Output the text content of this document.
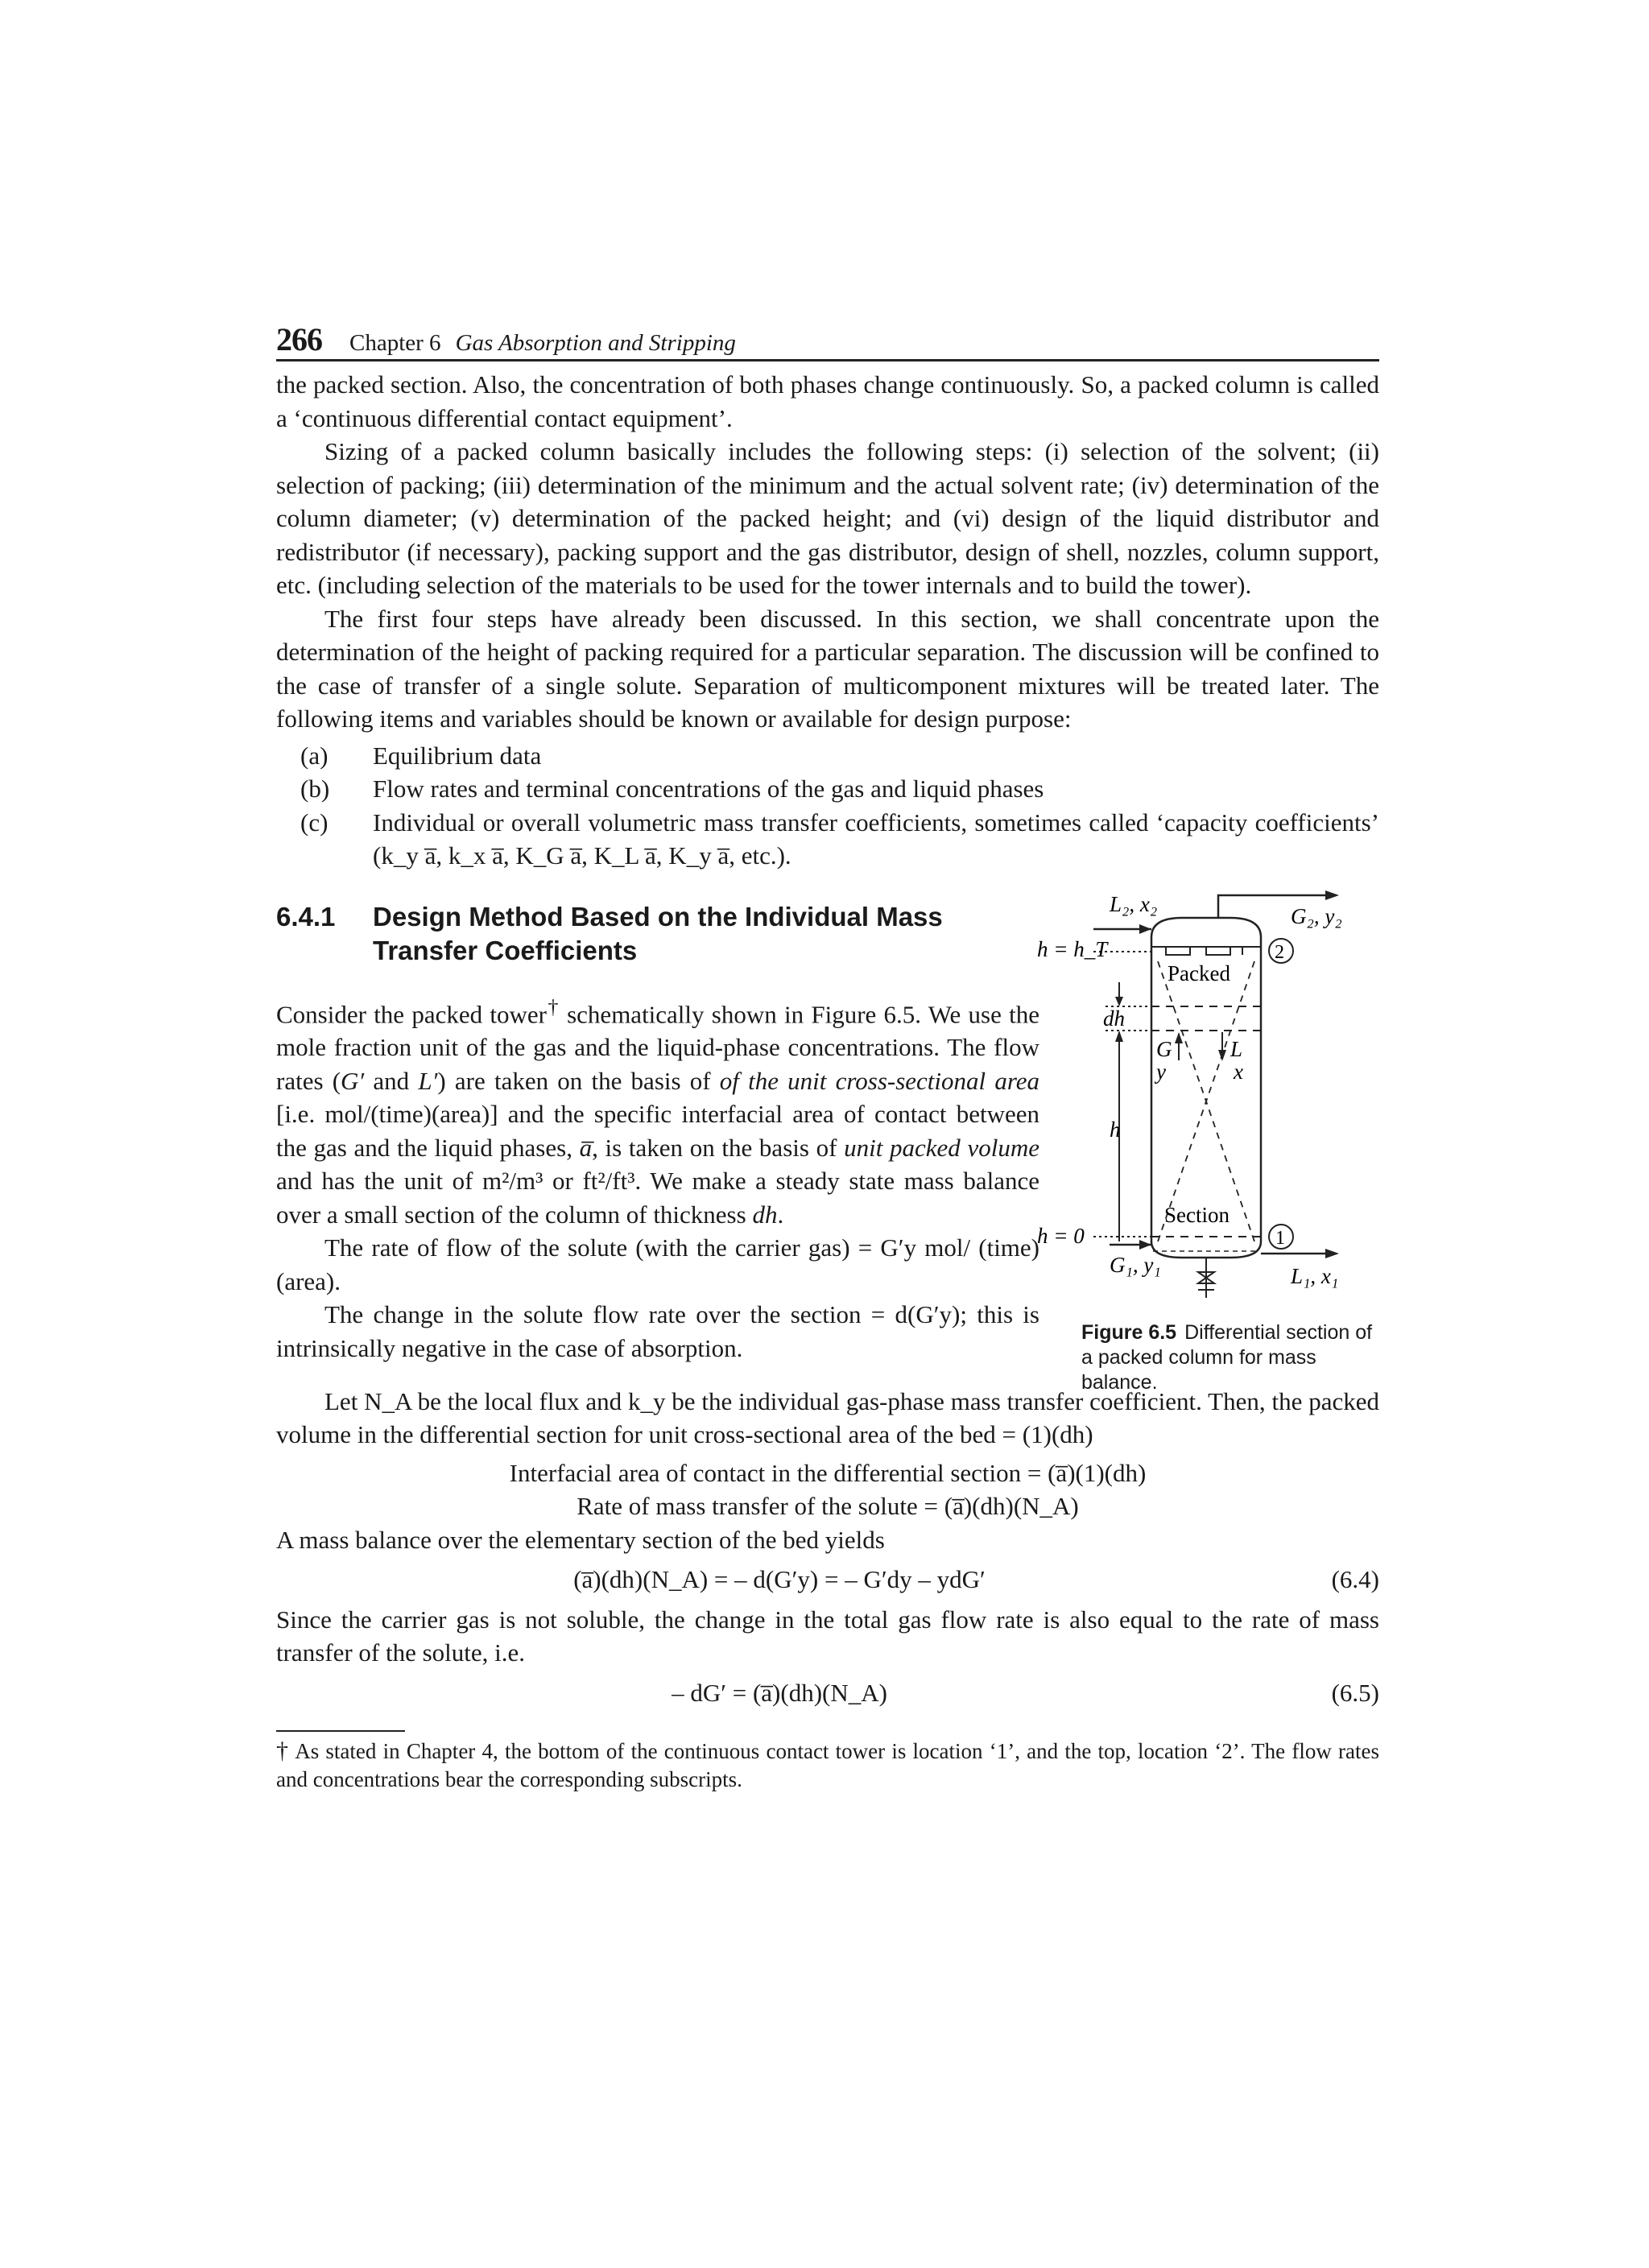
266 Chapter 6 Gas Absorption and Stripping

the packed section. Also, the concentration of both phases change continuously. So, a packed column is called a ‘continuous differential contact equipment’.

Sizing of a packed column basically includes the following steps: (i) selection of the solvent; (ii) selection of packing; (iii) determination of the minimum and the actual solvent rate; (iv) determination of the column diameter; (v) determination of the packed height; and (vi) design of the liquid distributor and redistributor (if necessary), packing support and the gas distributor, design of shell, nozzles, column support, etc. (including selection of the materials to be used for the tower internals and to build the tower).

The first four steps have already been discussed. In this section, we shall concentrate upon the determination of the height of packing required for a particular separation. The discussion will be confined to the case of transfer of a single solute. Separation of multicomponent mixtures will be treated later. The following items and variables should be known or available for design purpose:

(a)	Equilibrium data
(b)	Flow rates and terminal concentrations of the gas and liquid phases
(c)	Individual or overall volumetric mass transfer coefficients, sometimes called ‘capacity coefficients’ (k_y a̅, k_x a̅, K_G a̅, K_L a̅, K_y a̅, etc.).
6.4.1	Design Method Based on the Individual Mass Transfer Coefficients

Consider the packed tower† schematically shown in Figure 6.5. We use the mole fraction unit of the gas and the liquid-phase concentrations. The flow rates (G′ and L′) are taken on the basis of of the unit cross-sectional area [i.e. mol/(time)(area)] and the specific interfacial area of contact between the gas and the liquid phases, a̅, is taken on the basis of unit packed volume and has the unit of m²/m³ or ft²/ft³. We make a steady state mass balance over a small section of the column of thickness dh.

The rate of flow of the solute (with the carrier gas) = G′y mol/ (time)(area).

The change in the solute flow rate over the section = d(G′y); this is intrinsically negative in the case of absorption.

L₂, x₂	G₂, y₂
h = h_T
Packed
2
dh
G
y
L
x
h
Section
h = 0	1
G₁, y₁	L₁, x₁
Figure 6.5 Differential section of a packed column for mass balance.

Let N_A be the local flux and k_y be the individual gas-phase mass transfer coefficient. Then, the packed volume in the differential section for unit cross-sectional area of the bed = (1)(dh)

Interfacial area of contact in the differential section = (a̅)(1)(dh)
Rate of mass transfer of the solute = (a̅)(dh)(N_A)

A mass balance over the elementary section of the bed yields

(a̅)(dh)(N_A) = – d(G′y) = – G′dy – ydG′	(6.4)

Since the carrier gas is not soluble, the change in the total gas flow rate is also equal to the rate of mass transfer of the solute, i.e.

– dG′ = (a̅)(dh)(N_A)	(6.5)

† As stated in Chapter 4, the bottom of the continuous contact tower is location ‘1’, and the top, location ‘2’. The flow rates and concentrations bear the corresponding subscripts.
